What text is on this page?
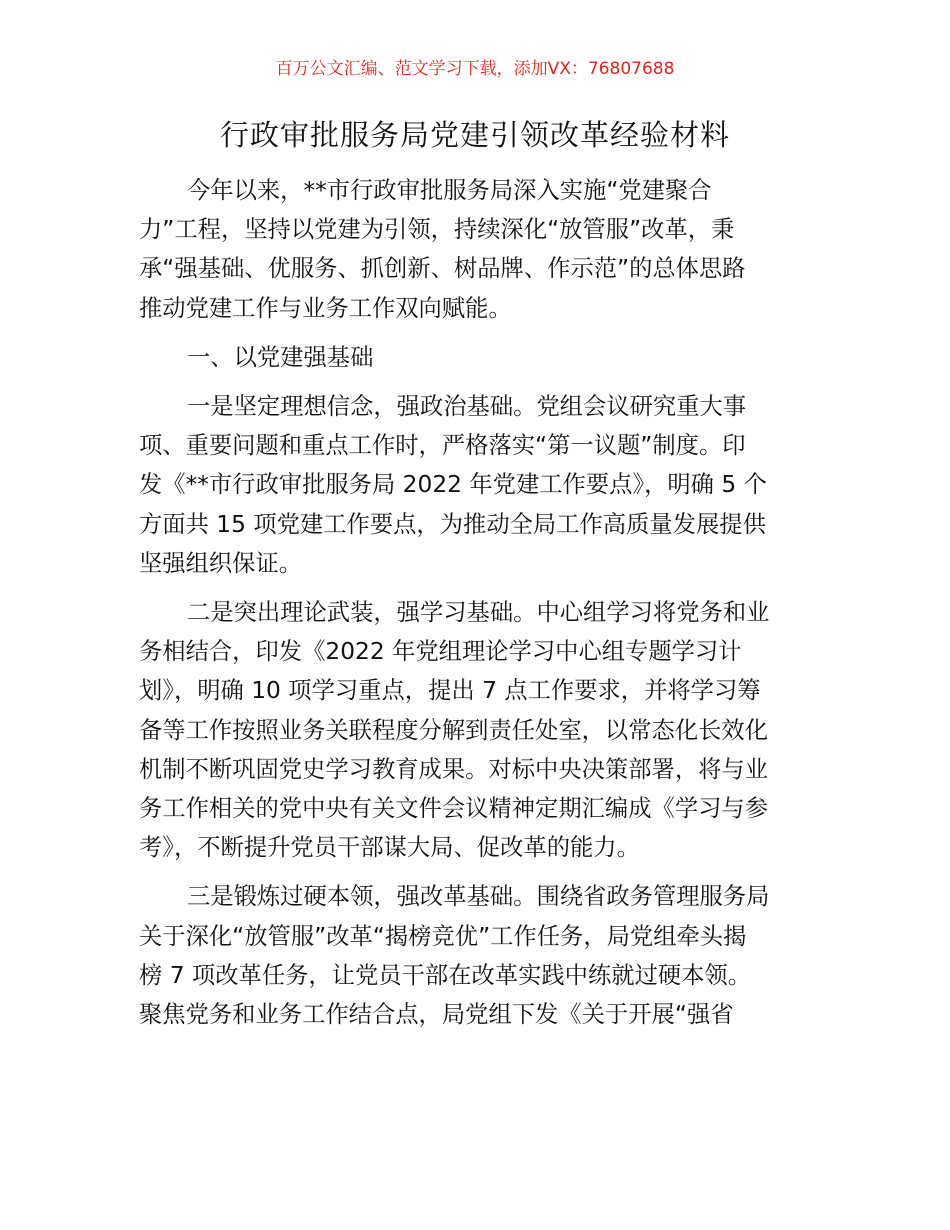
百万公文汇编、范文学习下载，添加VX：76807688
行政审批服务局党建引领改革经验材料

今年以来，**市行政审批服务局深入实施“党建聚合
力”工程，坚持以党建为引领，持续深化“放管服”改革，秉
承“强基础、优服务、抓创新、树品牌、作示范”的总体思路
推动党建工作与业务工作双向赋能。

一、以党建强基础

一是坚定理想信念，强政治基础。党组会议研究重大事
项、重要问题和重点工作时，严格落实“第一议题”制度。印
发《**市行政审批服务局 2022 年党建工作要点》，明确 5 个
方面共 15 项党建工作要点，为推动全局工作高质量发展提供
坚强组织保证。

二是突出理论武装，强学习基础。中心组学习将党务和业
务相结合，印发《2022 年党组理论学习中心组专题学习计
划》，明确 10 项学习重点，提出 7 点工作要求，并将学习筹
备等工作按照业务关联程度分解到责任处室，以常态化长效化
机制不断巩固党史学习教育成果。对标中央决策部署，将与业
务工作相关的党中央有关文件会议精神定期汇编成《学习与参
考》，不断提升党员干部谋大局、促改革的能力。

三是锻炼过硬本领，强改革基础。围绕省政务管理服务局
关于深化“放管服”改革“揭榜竞优”工作任务，局党组牵头揭
榜 7 项改革任务，让党员干部在改革实践中练就过硬本领。
聚焦党务和业务工作结合点，局党组下发《关于开展“强省
